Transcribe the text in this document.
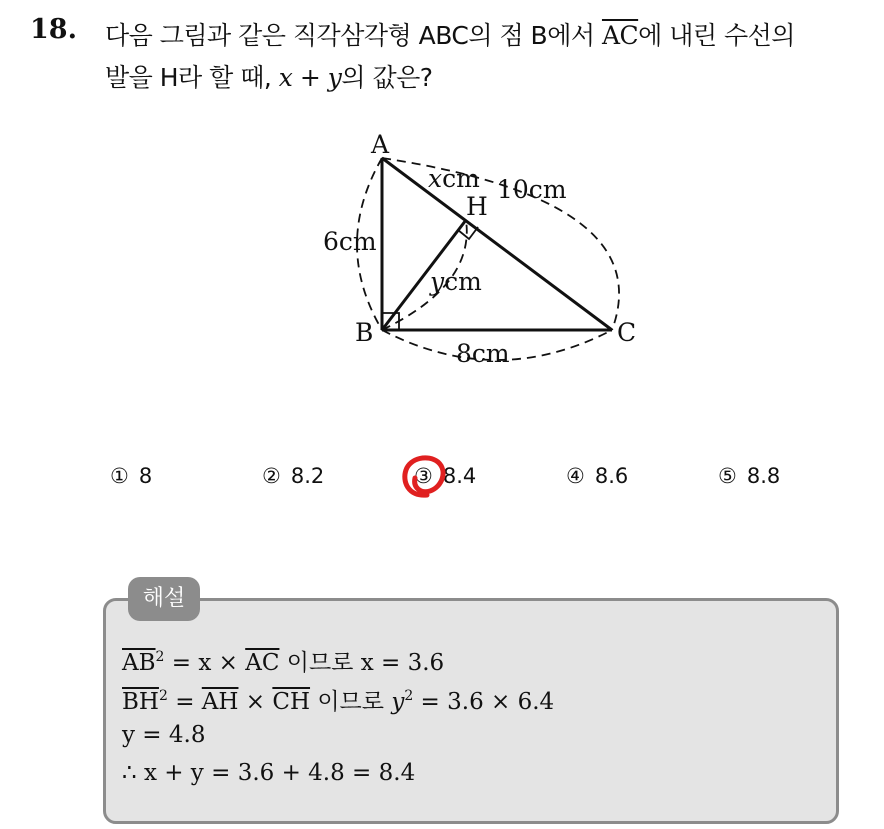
18. 다음 그림과 같은 직각삼각형 ABC의 점 B에서 $\overline{AC}$에 내린 수선의
발을 H라 할 때, x + y의 값은?
A
B	C
H
xcm 10cm
6cm
ycm
8cm
① 8	② 8.2	③ 8.4	④ 8.6	⑤ 8.8
해설
$\overline{AB}^2 = x \times \overline{AC}$ 이므로 x = 3.6
$\overline{BH}^2 = \overline{AH} \times \overline{CH}$ 이므로 $y^2 = 3.6 \times 6.4$
y = 4.8
∴ x + y = 3.6 + 4.8 = 8.4
